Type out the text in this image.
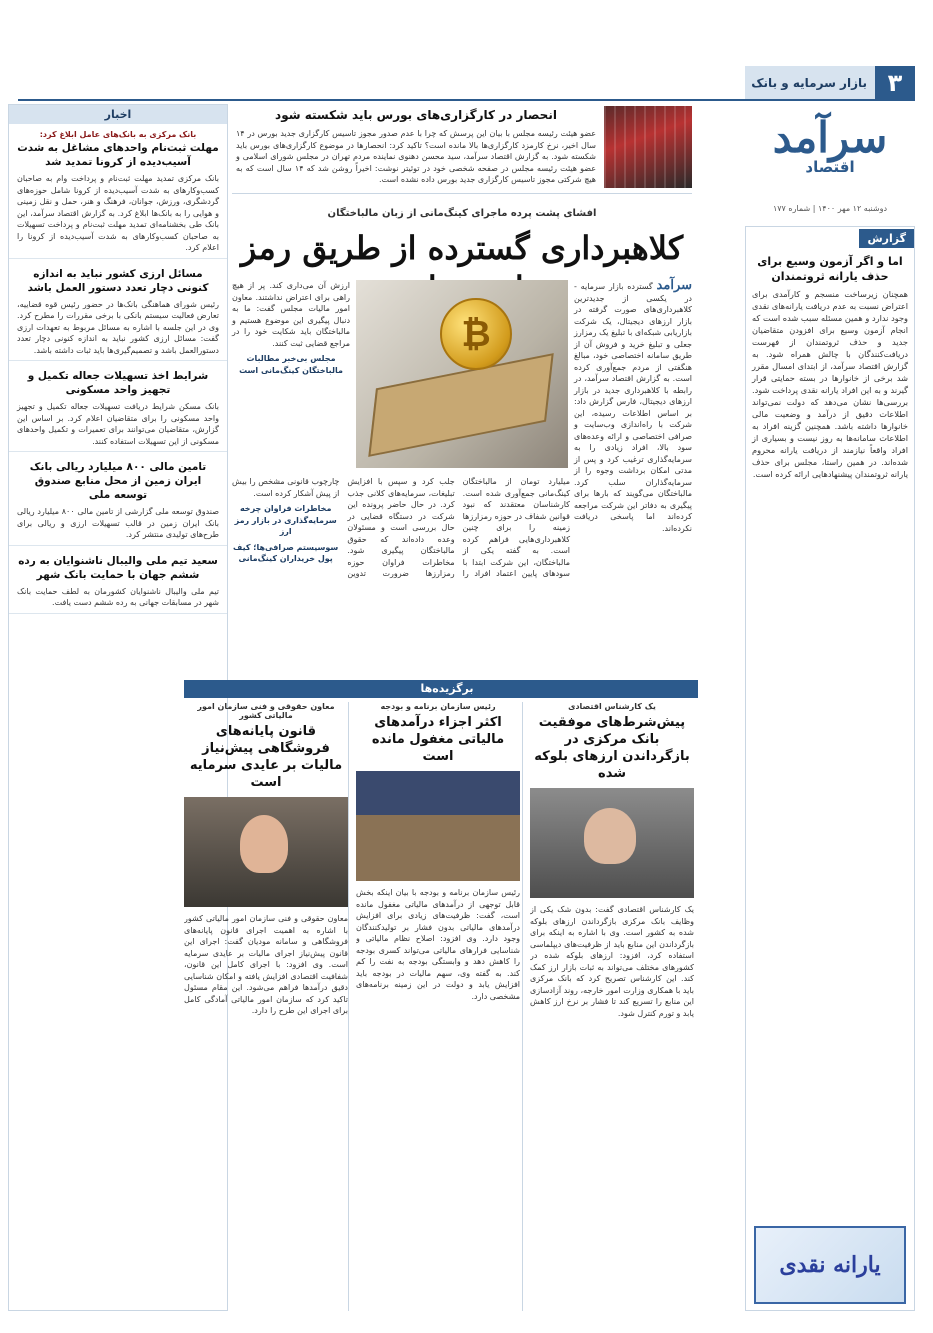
۳
بازار سرمایه و بانک
سرآمد
اقتصاد
دوشنبه ۱۲ مهر ۱۴۰۰ | شماره ۱۷۷
گزارش
اما و اگر آزمون وسیع برای حذف یارانه ثروتمندان
همچنان زیرساخت منسجم و کارآمدی برای اعتراض نسبت به عدم دریافت یارانه‌های نقدی وجود ندارد و همین مسئله سبب شده است که انجام آزمون وسیع برای افزودن متقاضیان جدید و حذف ثروتمندان از فهرست دریافت‌کنندگان با چالش همراه شود. به گزارش اقتصاد سرآمد، از ابتدای امسال مقرر شد برخی از خانوارها در بسته حمایتی قرار گیرند و به این افراد یارانه نقدی پرداخت شود. بررسی‌ها نشان می‌دهد که دولت نمی‌تواند اطلاعات دقیق از درآمد و وضعیت مالی خانوارها داشته باشد. همچنین گزینه افراد به اطلاعات سامانه‌ها به روز نیست و بسیاری از افراد واقعاً نیازمند از دریافت یارانه محروم شده‌اند. در همین راستا، مجلس برای حذف یارانه ثروتمندان پیشنهادهایی ارائه کرده است.
یارانه نقدی
اخبار
بانک مرکزی به بانک‌های عامل ابلاغ کرد:
مهلت ثبت‌نام واحدهای مشاغل به شدت آسیب‌دیده از کرونا تمدید شد

بانک مرکزی تمدید مهلت ثبت‌نام و پرداخت وام به صاحبان کسب‌وکارهای به شدت آسیب‌دیده از کرونا شامل حوزه‌های گردشگری، ورزش، جوانان، فرهنگ و هنر، حمل و نقل زمینی و هوایی را به بانک‌ها ابلاغ کرد. به گزارش اقتصاد سرآمد، این بانک طی بخشنامه‌ای تمدید مهلت ثبت‌نام و پرداخت تسهیلات به صاحبان کسب‌وکارهای به شدت آسیب‌دیده از کرونا را اعلام کرد.

مسائل ارزی کشور نباید به اندازه کنونی دچار تعدد دستور العمل باشد

رئیس شورای هماهنگی بانک‌ها در حضور رئیس قوه قضاییه، تعارض فعالیت سیستم بانکی با برخی مقررات را مطرح کرد. وی در این جلسه با اشاره به مسائل مربوط به تعهدات ارزی گفت: مسائل ارزی کشور نباید به اندازه کنونی دچار تعدد دستورالعمل باشد و تصمیم‌گیری‌ها باید ثبات داشته باشد.

شرایط اخذ تسهیلات جعاله تکمیل و تجهیز واحد مسکونی

بانک مسکن شرایط دریافت تسهیلات جعاله تکمیل و تجهیز واحد مسکونی را برای متقاضیان اعلام کرد. بر اساس این گزارش، متقاضیان می‌توانند برای تعمیرات و تکمیل واحدهای مسکونی از این تسهیلات استفاده کنند.

تامین مالی ۸۰۰ میلیارد ریالی بانک ایران زمین از محل منابع صندوق توسعه ملی

صندوق توسعه ملی گزارشی از تامین مالی ۸۰۰ میلیارد ریالی بانک ایران زمین در قالب تسهیلات ارزی و ریالی برای طرح‌های تولیدی منتشر کرد.

سعید تیم ملی والیبال ناشنوایان به رده ششم جهان با حمایت بانک شهر

تیم ملی والیبال ناشنوایان کشورمان به لطف حمایت بانک شهر در مسابقات جهانی به رده ششم دست یافت.

انحصار در کارگزاری‌های بورس باید شکسته شود

عضو هیئت رئیسه مجلس با بیان این پرسش که چرا با عدم صدور مجوز تاسیس کارگزاری جدید بورس در ۱۴ سال اخیر، نرخ کارمزد کارگزاری‌ها بالا مانده است؟ تاکید کرد: انحصارها در موضوع کارگزاری‌های بورس باید شکسته شود. به گزارش اقتصاد سرآمد، سید محسن دهنوی نماینده مردم تهران در مجلس شورای اسلامی و عضو هیئت رئیسه مجلس در صفحه شخصی خود در توئیتر نوشت: اخیراً روشن شد که ۱۴ سال است که به هیچ شرکتی مجوز تاسیس کارگزاری جدید بورس داده نشده است.

افشای پشت پرده ماجرای کینگ‌مانی از زبان مالباختگان
کلاهبرداری گسترده از طریق رمز
سرآمد گسترده بازار سرمایه - در یکسی از جدیدترین کلاهبرداری‌های صورت گرفته در بازار ارزهای دیجیتال، یک شرکت بازاریابی شبکه‌ای با تبلیغ یک رمزارز جعلی و تبلیغ خرید و فروش آن از طریق سامانه اختصاصی خود، مبالغ هنگفتی از مردم جمع‌آوری کرده است. به گزارش اقتصاد سرآمد، در رابطه با کلاهبرداری جدید در بازار ارزهای دیجیتال، فارس گزارش داد: بر اساس اطلاعات رسیده، این شرکت با راه‌اندازی وب‌سایت و صرافی اختصاصی و ارائه وعده‌های سود بالا، افراد زیادی را به سرمایه‌گذاری ترغیب کرد و پس از مدتی امکان برداشت وجوه را از سرمایه‌گذاران سلب کرد. مالباختگان می‌گویند که بارها برای پیگیری به دفاتر این شرکت مراجعه کرده‌اند اما پاسخی دریافت نکرده‌اند.
₿
ارزش آن می‌داری کند. پر از هیچ راهی برای اعتراض نداشتند. معاون امور مالیات مجلس گفت: ما به دنبال پیگیری این موضوع هستیم و مالباختگان باید شکایت خود را در مراجع قضایی ثبت کنند.
مجلس بی‌خبر مطالبات مالباختگان کینگ‌مانی است
میلیارد تومان از مالباختگان کینگ‌مانی جمع‌آوری شده است. کارشناسان معتقدند که نبود قوانین شفاف در حوزه رمزارزها زمینه را برای چنین کلاهبرداری‌هایی فراهم کرده است. به گفته یکی از مالباختگان، این شرکت ابتدا با سودهای پایین اعتماد افراد را جلب کرد و سپس با افزایش تبلیغات، سرمایه‌های کلانی جذب کرد. در حال حاضر پرونده این شرکت در دستگاه قضایی در حال بررسی است و مسئولان وعده داده‌اند که حقوق مالباختگان پیگیری شود. مخاطرات فراوان حوزه رمزارزها ضرورت تدوین چارچوب قانونی مشخص را بیش از پیش آشکار کرده است.
مخاطرات فراوان چرخه سرمایه‌گذاری در بازار رمز ارز
سوسیستم صرافی‌ها؛ کیف پول خریداران کینگ‌مانی
برگزیده‌ها
یک کارشناس اقتصادی
پیش‌شرط‌های موفقیت بانک مرکزی در بازگرداندن ارزهای بلوکه شده

یک کارشناس اقتصادی گفت: بدون شک یکی از وظایف بانک مرکزی بازگرداندن ارزهای بلوکه شده به کشور است. وی با اشاره به اینکه برای بازگرداندن این منابع باید از ظرفیت‌های دیپلماسی استفاده کرد، افزود: ارزهای بلوکه شده در کشورهای مختلف می‌تواند به ثبات بازار ارز کمک کند. این کارشناس تصریح کرد که بانک مرکزی باید با همکاری وزارت امور خارجه، روند آزادسازی این منابع را تسریع کند تا فشار بر نرخ ارز کاهش یابد و تورم کنترل شود.

رئیس سازمان برنامه و بودجه
اکثر اجزاء درآمدهای مالیاتی مغفول مانده است

رئیس سازمان برنامه و بودجه با بیان اینکه بخش قابل توجهی از درآمدهای مالیاتی مغفول مانده است، گفت: ظرفیت‌های زیادی برای افزایش درآمدهای مالیاتی بدون فشار بر تولیدکنندگان وجود دارد. وی افزود: اصلاح نظام مالیاتی و شناسایی فرارهای مالیاتی می‌تواند کسری بودجه را کاهش دهد و وابستگی بودجه به نفت را کم کند. به گفته وی، سهم مالیات در بودجه باید افزایش یابد و دولت در این زمینه برنامه‌های مشخصی دارد.

معاون حقوقی و فنی سازمان امور مالیاتی کشور
قانون پایانه‌های فروشگاهی پیش‌نیاز مالیات بر عایدی سرمایه است

معاون حقوقی و فنی سازمان امور مالیاتی کشور با اشاره به اهمیت اجرای قانون پایانه‌های فروشگاهی و سامانه مودیان گفت: اجرای این قانون پیش‌نیاز اجرای مالیات بر عایدی سرمایه است. وی افزود: با اجرای کامل این قانون، شفافیت اقتصادی افزایش یافته و امکان شناسایی دقیق درآمدها فراهم می‌شود. این مقام مسئول تاکید کرد که سازمان امور مالیاتی آمادگی کامل برای اجرای این طرح را دارد.
